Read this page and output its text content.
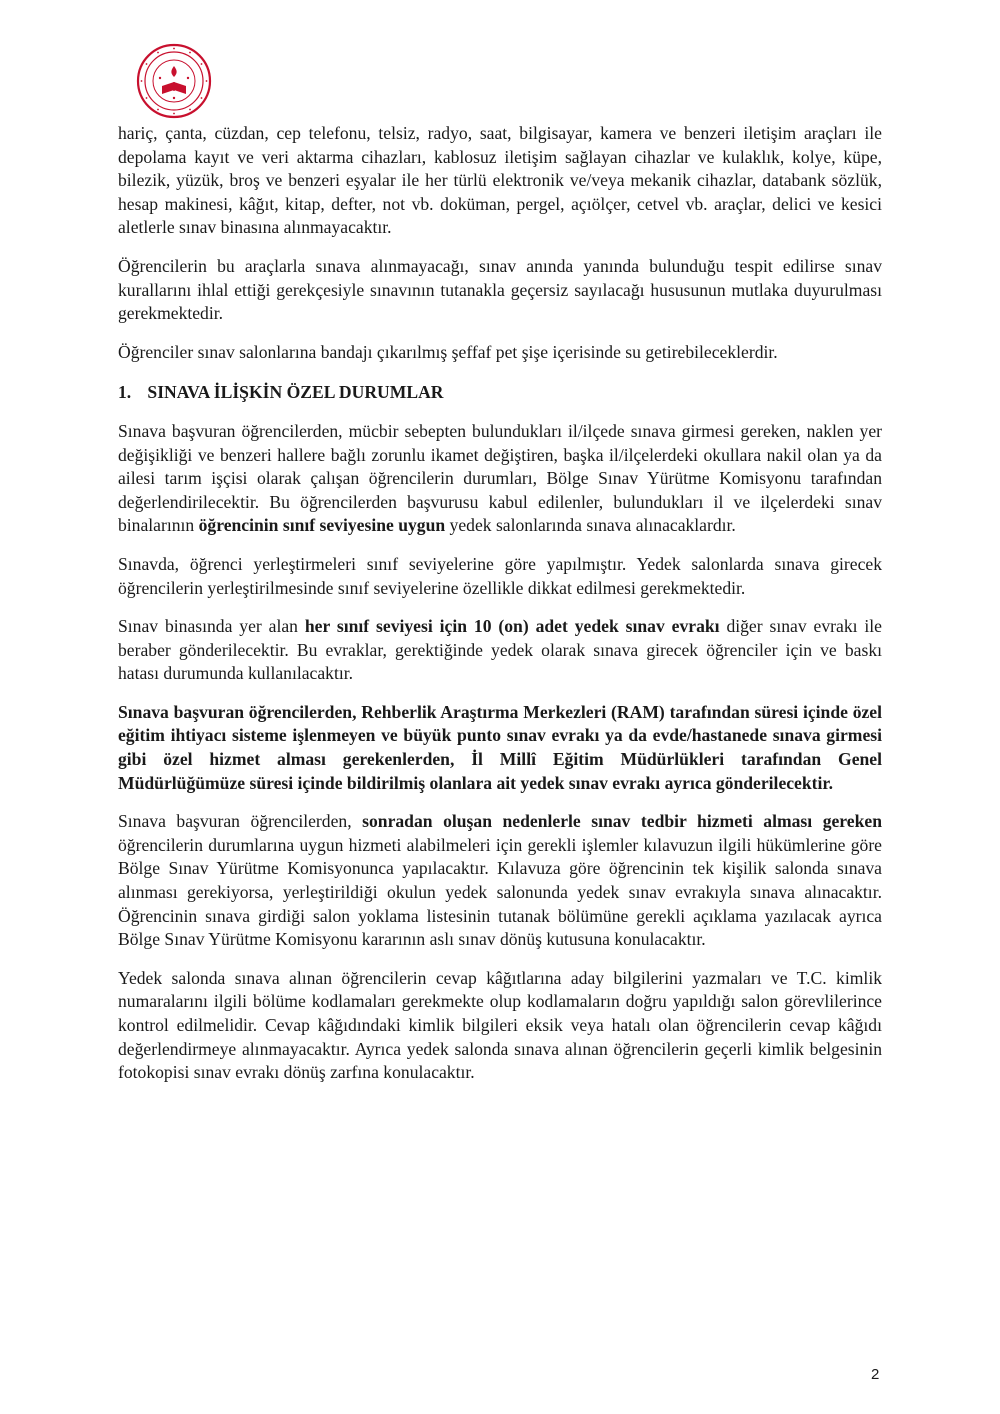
hariç, çanta, cüzdan, cep telefonu, telsiz, radyo, saat, bilgisayar, kamera ve benzeri iletişim araçları ile depolama kayıt ve veri aktarma cihazları, kablosuz iletişim sağlayan cihazlar ve kulaklık, kolye, küpe, bilezik, yüzük, broş ve benzeri eşyalar ile her türlü elektronik ve/veya mekanik cihazlar, databank sözlük, hesap makinesi, kâğıt, kitap, defter, not vb. doküman, pergel, açıölçer, cetvel vb. araçlar, delici ve kesici aletlerle sınav binasına alınmayacaktır.

Öğrencilerin bu araçlarla sınava alınmayacağı, sınav anında yanında bulunduğu tespit edilirse sınav kurallarını ihlal ettiği gerekçesiyle sınavının tutanakla geçersiz sayılacağı hususunun mutlaka duyurulması gerekmektedir.

Öğrenciler sınav salonlarına bandajı çıkarılmış şeffaf pet şişe içerisinde su getirebileceklerdir.

1. SINAVA İLİŞKİN ÖZEL DURUMLAR

Sınava başvuran öğrencilerden, mücbir sebepten bulundukları il/ilçede sınava girmesi gereken, naklen yer değişikliği ve benzeri hallere bağlı zorunlu ikamet değiştiren, başka il/ilçelerdeki okullara nakil olan ya da ailesi tarım işçisi olarak çalışan öğrencilerin durumları, Bölge Sınav Yürütme Komisyonu tarafından değerlendirilecektir. Bu öğrencilerden başvurusu kabul edilenler, bulundukları il ve ilçelerdeki sınav binalarının öğrencinin sınıf seviyesine uygun yedek salonlarında sınava alınacaklardır.

Sınavda, öğrenci yerleştirmeleri sınıf seviyelerine göre yapılmıştır. Yedek salonlarda sınava girecek öğrencilerin yerleştirilmesinde sınıf seviyelerine özellikle dikkat edilmesi gerekmektedir.

Sınav binasında yer alan her sınıf seviyesi için 10 (on) adet yedek sınav evrakı diğer sınav evrakı ile beraber gönderilecektir. Bu evraklar, gerektiğinde yedek olarak sınava girecek öğrenciler için ve baskı hatası durumunda kullanılacaktır.

Sınava başvuran öğrencilerden, Rehberlik Araştırma Merkezleri (RAM) tarafından süresi içinde özel eğitim ihtiyacı sisteme işlenmeyen ve büyük punto sınav evrakı ya da evde/hastanede sınava girmesi gibi özel hizmet alması gerekenlerden, İl Millî Eğitim Müdürlükleri tarafından Genel Müdürlüğümüze süresi içinde bildirilmiş olanlara ait yedek sınav evrakı ayrıca gönderilecektir.

Sınava başvuran öğrencilerden, sonradan oluşan nedenlerle sınav tedbir hizmeti alması gereken öğrencilerin durumlarına uygun hizmeti alabilmeleri için gerekli işlemler kılavuzun ilgili hükümlerine göre Bölge Sınav Yürütme Komisyonunca yapılacaktır. Kılavuza göre öğrencinin tek kişilik salonda sınava alınması gerekiyorsa, yerleştirildiği okulun yedek salonunda yedek sınav evrakıyla sınava alınacaktır. Öğrencinin sınava girdiği salon yoklama listesinin tutanak bölümüne gerekli açıklama yazılacak ayrıca Bölge Sınav Yürütme Komisyonu kararının aslı sınav dönüş kutusuna konulacaktır.

Yedek salonda sınava alınan öğrencilerin cevap kâğıtlarına aday bilgilerini yazmaları ve T.C. kimlik numaralarını ilgili bölüme kodlamaları gerekmekte olup kodlamaların doğru yapıldığı salon görevlilerince kontrol edilmelidir. Cevap kâğıdındaki kimlik bilgileri eksik veya hatalı olan öğrencilerin cevap kâğıdı değerlendirmeye alınmayacaktır. Ayrıca yedek salonda sınava alınan öğrencilerin geçerli kimlik belgesinin fotokopisi sınav evrakı dönüş zarfına konulacaktır.

2
